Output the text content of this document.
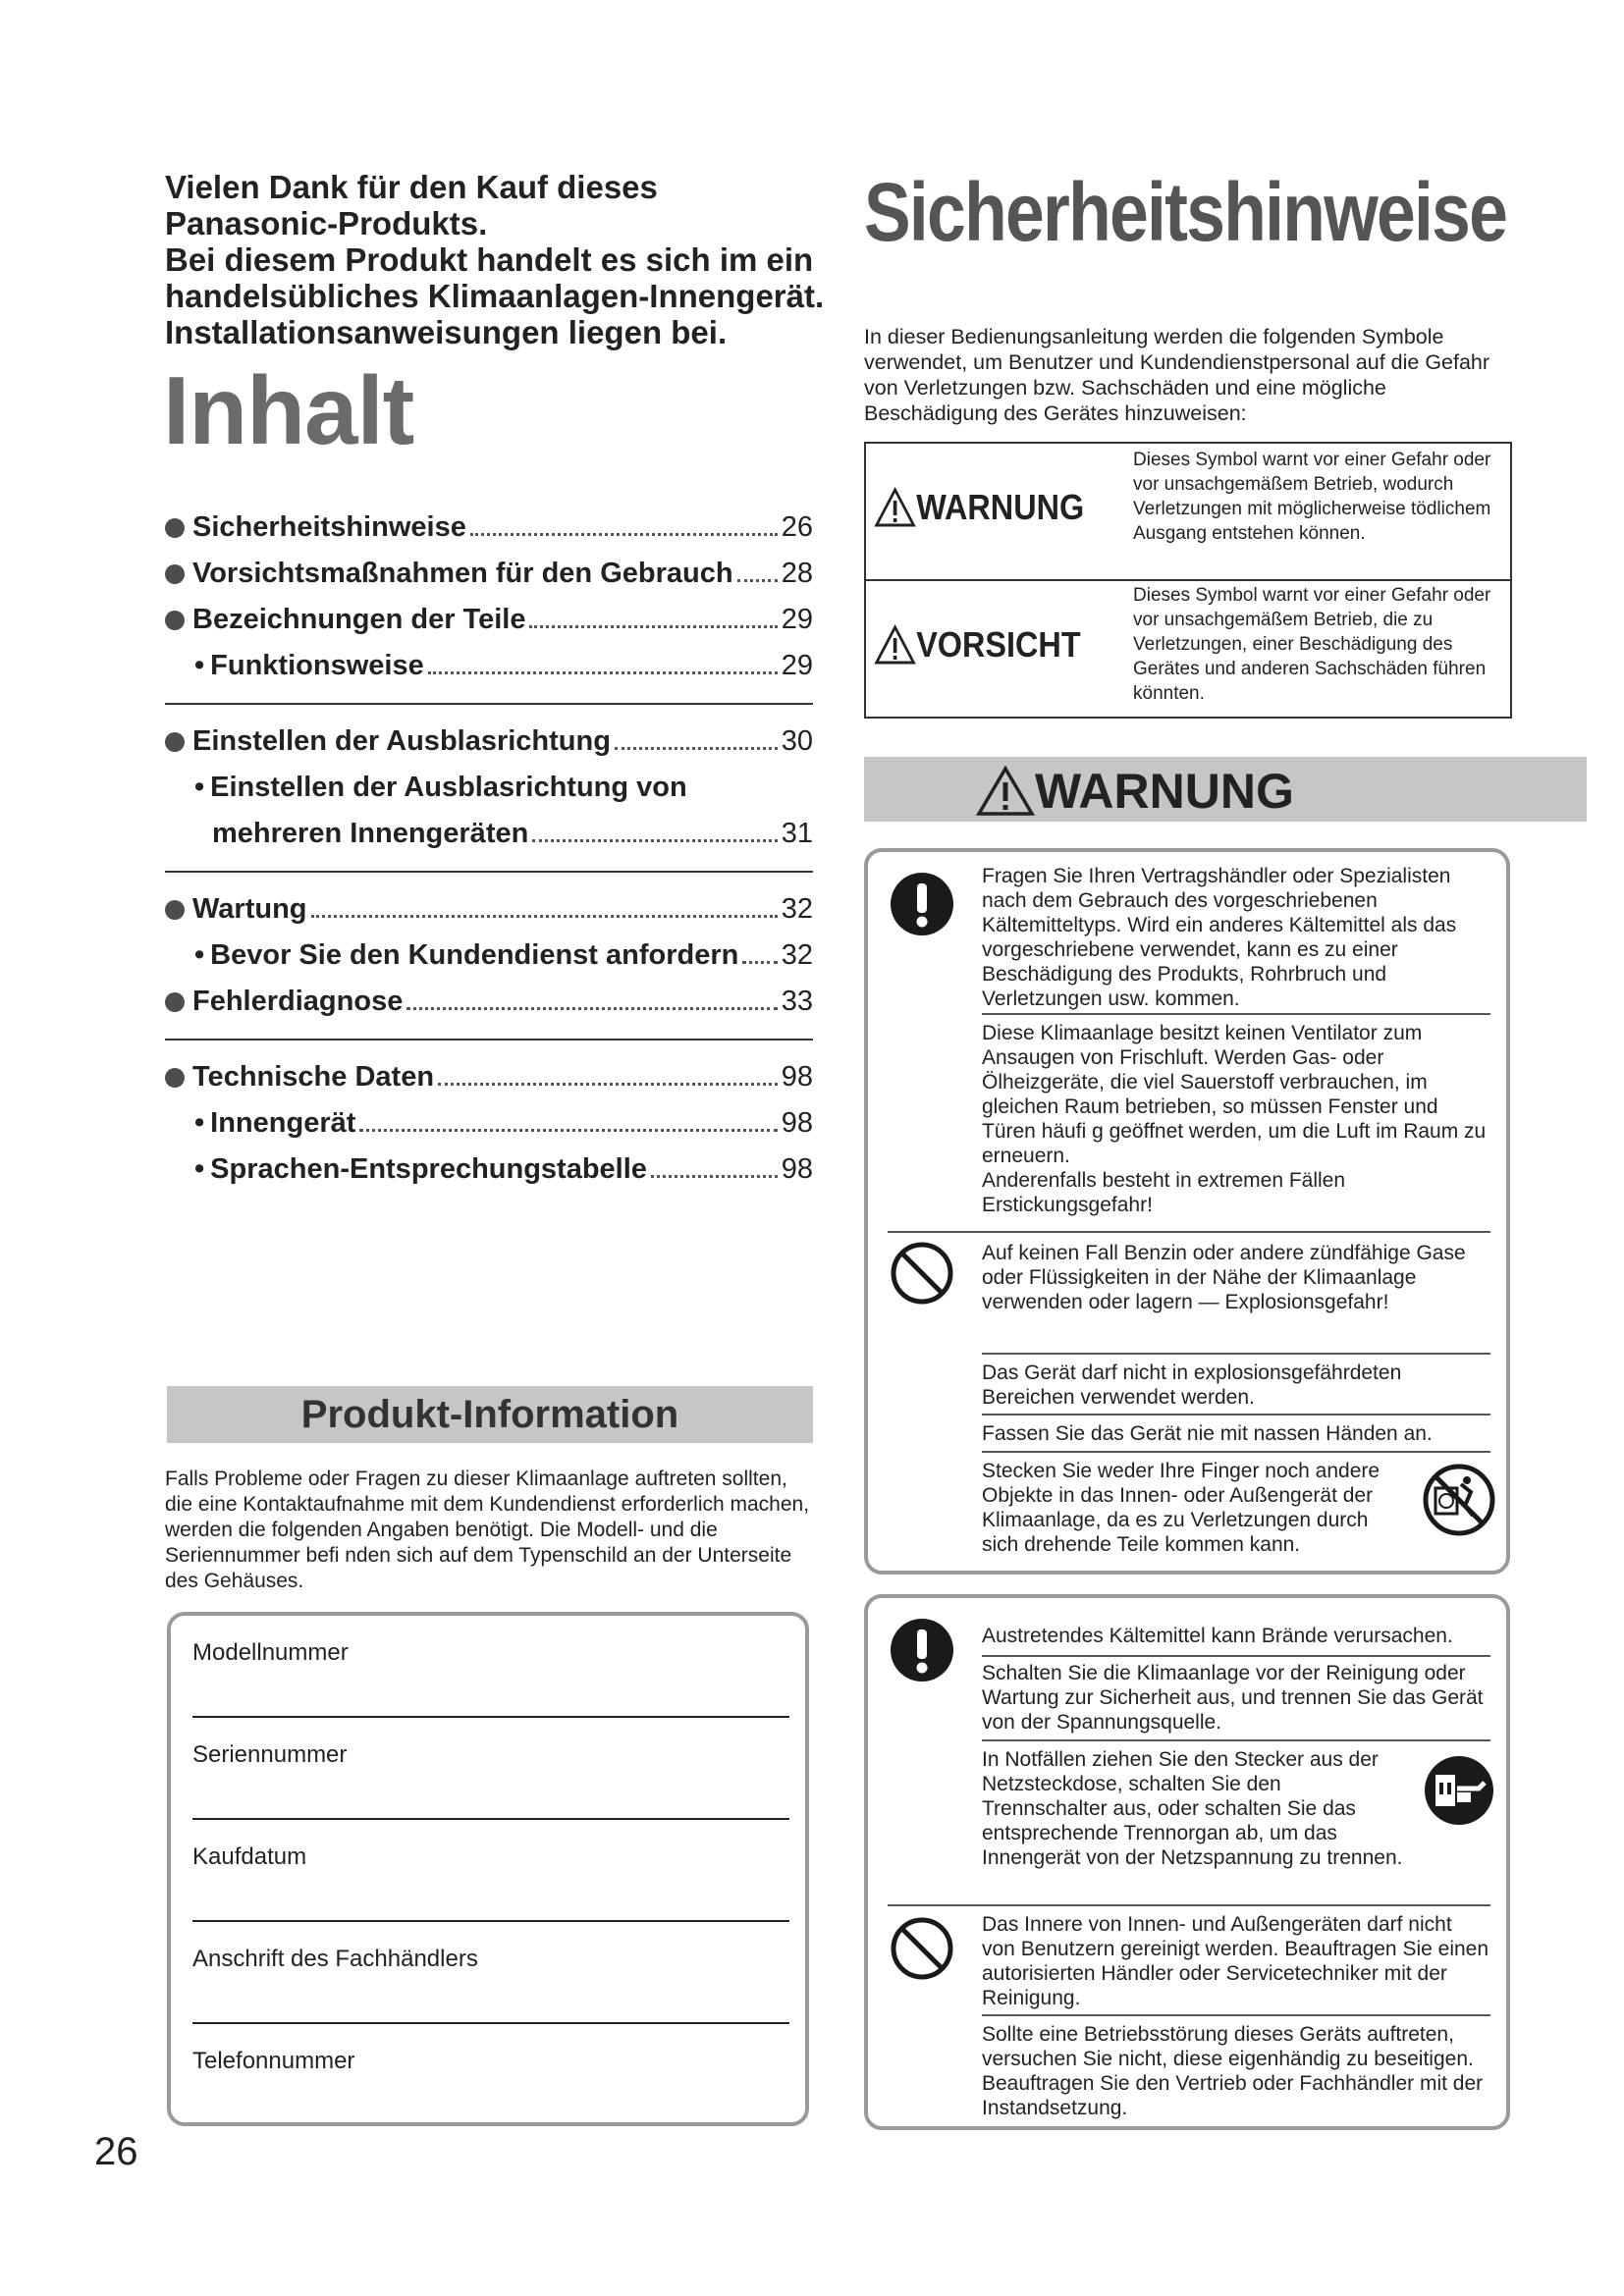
Vielen Dank für den Kauf dieses Panasonic-Produkts.

Bei diesem Produkt handelt es sich im ein handelsübliches Klimaanlagen-Innengerät.

Installationsanweisungen liegen bei.

Inhalt
Sicherheitshinweise	26
Vorsichtsmaßnahmen für den Gebrauch 28
Bezeichnungen der Teile	29
• Funktionsweise	29
Einstellen der Ausblasrichtung	30
• Einstellen der Ausblasrichtung von
mehreren Innengeräten	31
Wartung	32
• Bevor Sie den Kundendienst anfordern 32
Fehlerdiagnose	33
Technische Daten	98
• Innengerät	98
• Sprachen-Entsprechungstabelle	98
Produkt-Information
Falls Probleme oder Fragen zu dieser Klimaanlage auftreten sollten, die eine Kontaktaufnahme mit dem Kundendienst erforderlich machen, werden die folgenden Angaben benötigt. Die Modell- und die Seriennummer befi nden sich auf dem Typenschild an der Unterseite des Gehäuses.
Modellnummer
Seriennummer
Kaufdatum
Anschrift des Fachhändlers
Telefonnummer
26
Sicherheitshinweise
In dieser Bedienungsanleitung werden die folgenden Symbole verwendet, um Benutzer und Kundendienstpersonal auf die Gefahr von Verletzungen bzw. Sachschäden und eine mögliche Beschädigung des Gerätes hinzuweisen:
WARNUNG
Dieses Symbol warnt vor einer Gefahr oder vor unsachgemäßem Betrieb, wodurch Verletzungen mit möglicherweise tödlichem Ausgang entstehen können.
VORSICHT
Dieses Symbol warnt vor einer Gefahr oder vor unsachgemäßem Betrieb, die zu Verletzungen, einer Beschädigung des Gerätes und anderen Sachschäden führen könnten.
WARNUNG
Fragen Sie Ihren Vertragshändler oder Spezialisten nach dem Gebrauch des vorgeschriebenen Kältemitteltyps. Wird ein anderes Kältemittel als das vorgeschriebene verwendet, kann es zu einer Beschädigung des Produkts, Rohrbruch und Verletzungen usw. kommen.
Diese Klimaanlage besitzt keinen Ventilator zum Ansaugen von Frischluft. Werden Gas- oder Ölheizgeräte, die viel Sauerstoff verbrauchen, im gleichen Raum betrieben, so müssen Fenster und Türen häufi g geöffnet werden, um die Luft im Raum zu erneuern.
Anderenfalls besteht in extremen Fällen Erstickungsgefahr!
Auf keinen Fall Benzin oder andere zündfähige Gase oder Flüssigkeiten in der Nähe der Klimaanlage verwenden oder lagern — Explosionsgefahr!
Das Gerät darf nicht in explosionsgefährdeten Bereichen verwendet werden.
Fassen Sie das Gerät nie mit nassen Händen an.
Stecken Sie weder Ihre Finger noch andere Objekte in das Innen- oder Außengerät der Klimaanlage, da es zu Verletzungen durch sich drehende Teile kommen kann.
Austretendes Kältemittel kann Brände verursachen.
Schalten Sie die Klimaanlage vor der Reinigung oder Wartung zur Sicherheit aus, und trennen Sie das Gerät von der Spannungsquelle.
In Notfällen ziehen Sie den Stecker aus der Netzsteckdose, schalten Sie den Trennschalter aus, oder schalten Sie das entsprechende Trennorgan ab, um das Innengerät von der Netzspannung zu trennen.
Das Innere von Innen- und Außengeräten darf nicht von Benutzern gereinigt werden. Beauftragen Sie einen autorisierten Händler oder Servicetechniker mit der Reinigung.
Sollte eine Betriebsstörung dieses Geräts auftreten, versuchen Sie nicht, diese eigenhändig zu beseitigen. Beauftragen Sie den Vertrieb oder Fachhändler mit der Instandsetzung.
